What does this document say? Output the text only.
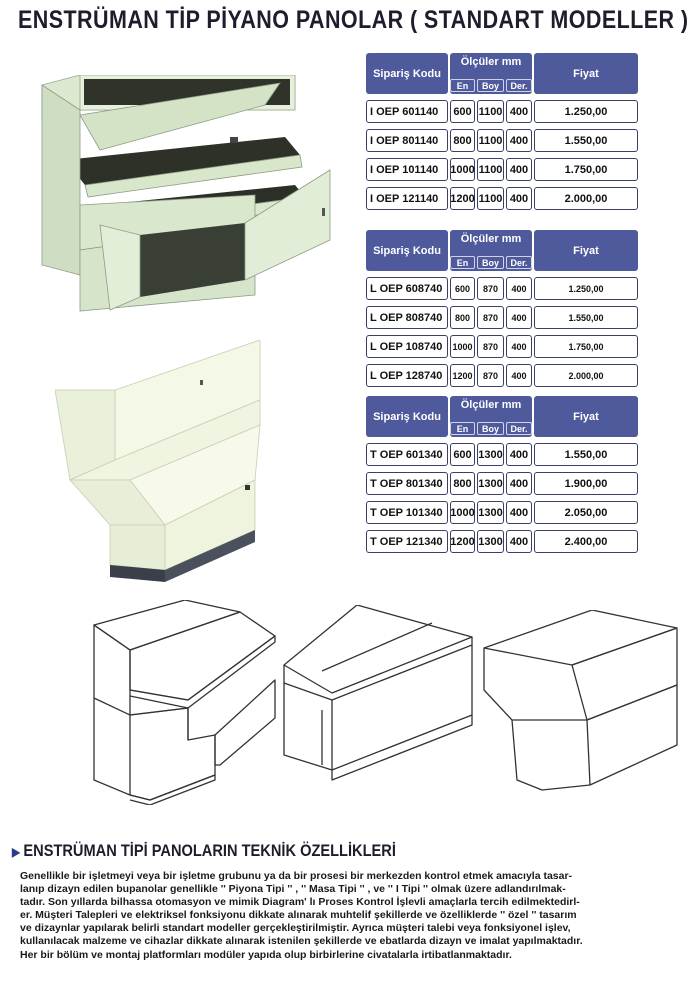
ENSTRÜMAN TİP PİYANO PANOLAR ( STANDART MODELLER )
Sipariş Kodu
Ölçüler mm
En	Boy	Der.
Fiyat
I OEP 601140	600 1100 400	1.250,00
I OEP 801140	800 1100 400	1.550,00
I OEP 101140	1000 1100 400	1.750,00
I OEP 121140	1200 1100 400	2.000,00
Sipariş Kodu
Ölçüler mm
En	Boy	Der.
Fiyat
L OEP 608740	600	870	400	1.250,00
L OEP 808740	800	870	400	1.550,00
L OEP 108740	1000	870	400	1.750,00
L OEP 128740	1200	870	400	2.000,00
Sipariş Kodu
Ölçüler mm
En	Boy	Der.
Fiyat
T OEP 601340 600 1300 400	1.550,00
T OEP 801340 800 1300 400	1.900,00
T OEP 101340 1000 1300 400	2.050,00
T OEP 121340 1200 1300 400	2.400,00
▶ ENSTRÜMAN TİPİ PANOLARIN TEKNİK ÖZELLİKLERİ
Genellikle bir işletmeyi veya bir işletme grubunu ya da bir prosesi bir merkezden kontrol etmek amacıyla tasar-
lanıp dizayn edilen bupanolar genellikle '' Piyona Tipi '' , '' Masa Tipi '' , ve '' I Tipi '' olmak üzere adlandırılmak-
tadır. Son yıllarda bilhassa otomasyon ve mimik Diagram' lı Proses Kontrol İşlevli amaçlarla tercih edilmektedirl-
er. Müşteri Talepleri ve elektriksel fonksiyonu dikkate alınarak muhtelif şekillerde ve özelliklerde '' özel '' tasarım
ve dizaynlar yapılarak belirli standart modeller gerçekleştirilmiştir. Ayrıca müşteri talebi veya fonksiyonel işlev,
kullanılacak malzeme ve cihazlar dikkate alınarak istenilen şekillerde ve ebatlarda dizayn ve imalat yapılmaktadır.
Her bir bölüm ve montaj platformları modüler yapıda olup birbirlerine civatalarla irtibatlanmaktadır.
